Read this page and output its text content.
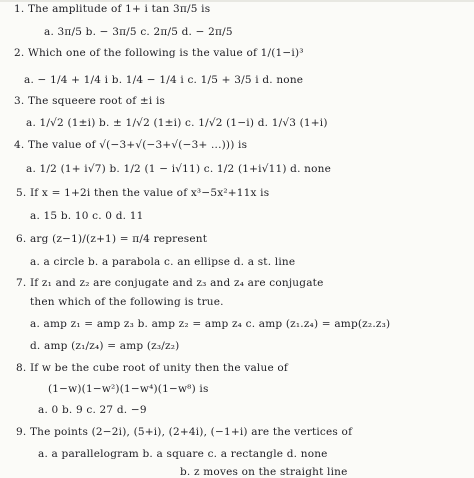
1. The amplitude of 1+ i tan 3π/5 is
a. 3π/5 b. − 3π/5 c. 2π/5 d. − 2π/5
2. Which one of the following is the value of 1/(1−i)³
a. − 1/4 + 1/4 i b. 1/4 − 1/4 i c. 1/5 + 3/5 i d. none
3. The squeere root of ±i is
a. 1/√2 (1±i) b. ± 1/√2 (1±i) c. 1/√2 (1−i) d. 1/√3 (1+i)
4. The value of √(−3+√(−3+√(−3+ ...))) is
a. 1/2 (1+ i√7) b. 1/2 (1 − i√11) c. 1/2 (1+i√11) d. none
5. If x = 1+2i then the value of x³−5x²+11x is
a. 15 b. 10 c. 0 d. 11
6. arg (z−1)/(z+1) = π/4 represent
a. a circle b. a parabola c. an ellipse d. a st. line
7. If z₁ and z₂ are conjugate and z₃ and z₄ are conjugate
then which of the following is true.
a. amp z₁ = amp z₃ b. amp z₂ = amp z₄ c. amp (z₁.z₄) = amp(z₂.z₃)
d. amp (z₁/z₄) = amp (z₃/z₂)
8. If w be the cube root of unity then the value of
(1−w)(1−w²)(1−w⁴)(1−w⁸) is
a. 0 b. 9 c. 27 d. −9
9. The points (2−2i), (5+i), (2+4i), (−1+i) are the vertices of
a. a parallelogram b. a square c. a rectangle d. none
b. z moves on the straight line
